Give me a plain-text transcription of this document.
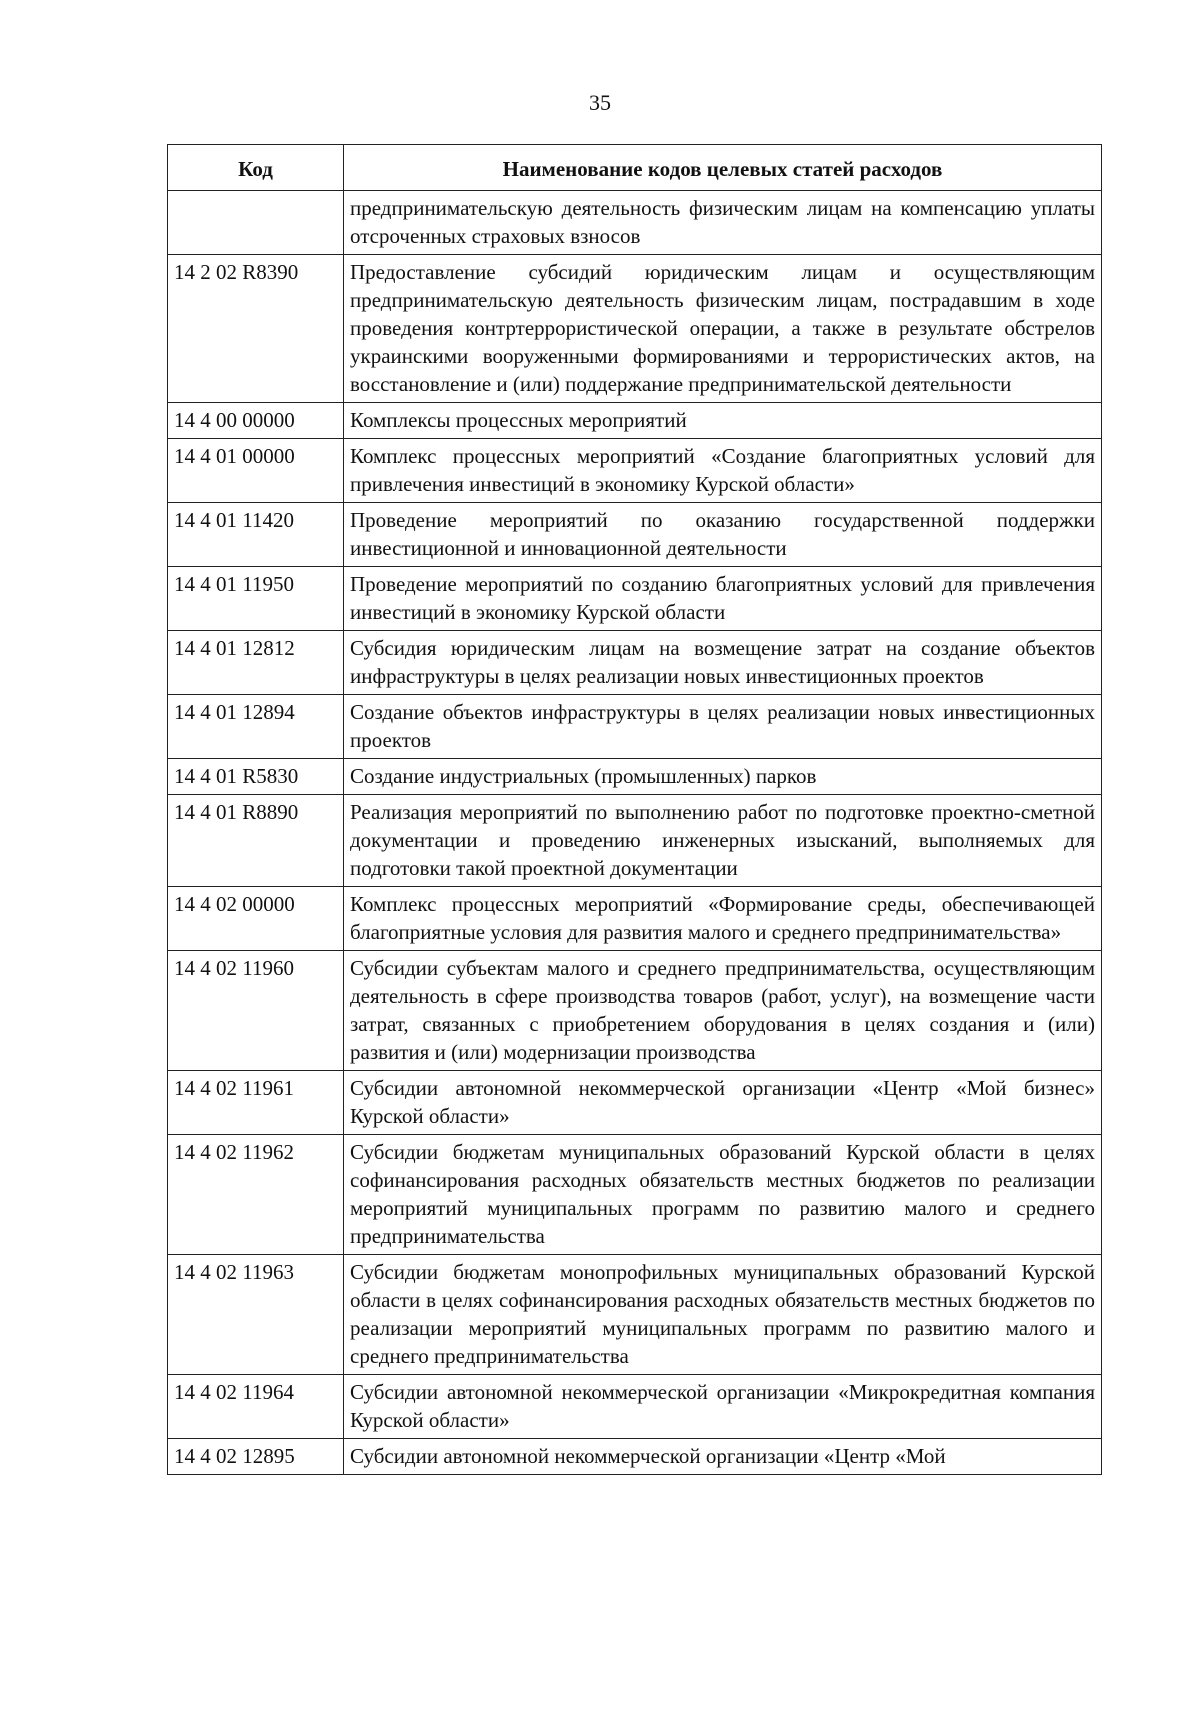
35
Код	Наименование кодов целевых статей расходов
	предпринимательскую деятельность физическим лицам на компенсацию уплаты отсроченных страховых взносов
14 2 02 R8390	Предоставление субсидий юридическим лицам и осуществляющим предпринимательскую деятельность физическим лицам, пострадавшим в ходе проведения контртеррористической операции, а также в результате обстрелов украинскими вооруженными формированиями и террористических актов, на восстановление и (или) поддержание предпринимательской деятельности
14 4 00 00000	Комплексы процессных мероприятий
14 4 01 00000	Комплекс процессных мероприятий «Создание благоприятных условий для привлечения инвестиций в экономику Курской области»
14 4 01 11420	Проведение мероприятий по оказанию государственной поддержки инвестиционной и инновационной деятельности
14 4 01 11950	Проведение мероприятий по созданию благоприятных условий для привлечения инвестиций в экономику Курской области
14 4 01 12812	Субсидия юридическим лицам на возмещение затрат на создание объектов инфраструктуры в целях реализации новых инвестиционных проектов
14 4 01 12894	Создание объектов инфраструктуры в целях реализации новых инвестиционных проектов
14 4 01 R5830	Создание индустриальных (промышленных) парков
14 4 01 R8890	Реализация мероприятий по выполнению работ по подготовке проектно-сметной документации и проведению инженерных изысканий, выполняемых для подготовки такой проектной документации
14 4 02 00000	Комплекс процессных мероприятий «Формирование среды, обеспечивающей благоприятные условия для развития малого и среднего предпринимательства»
14 4 02 11960	Субсидии субъектам малого и среднего предпринимательства, осуществляющим деятельность в сфере производства товаров (работ, услуг), на возмещение части затрат, связанных с приобретением оборудования в целях создания и (или) развития и (или) модернизации производства
14 4 02 11961	Субсидии автономной некоммерческой организации «Центр «Мой бизнес» Курской области»
14 4 02 11962	Субсидии бюджетам муниципальных образований Курской области в целях софинансирования расходных обязательств местных бюджетов по реализации мероприятий муниципальных программ по развитию малого и среднего предпринимательства
14 4 02 11963	Субсидии бюджетам монопрофильных муниципальных образований Курской области в целях софинансирования расходных обязательств местных бюджетов по реализации мероприятий муниципальных программ по развитию малого и среднего предпринимательства
14 4 02 11964	Субсидии автономной некоммерческой организации «Микрокредитная компания Курской области»
14 4 02 12895	Субсидии автономной некоммерческой организации «Центр «Мой
